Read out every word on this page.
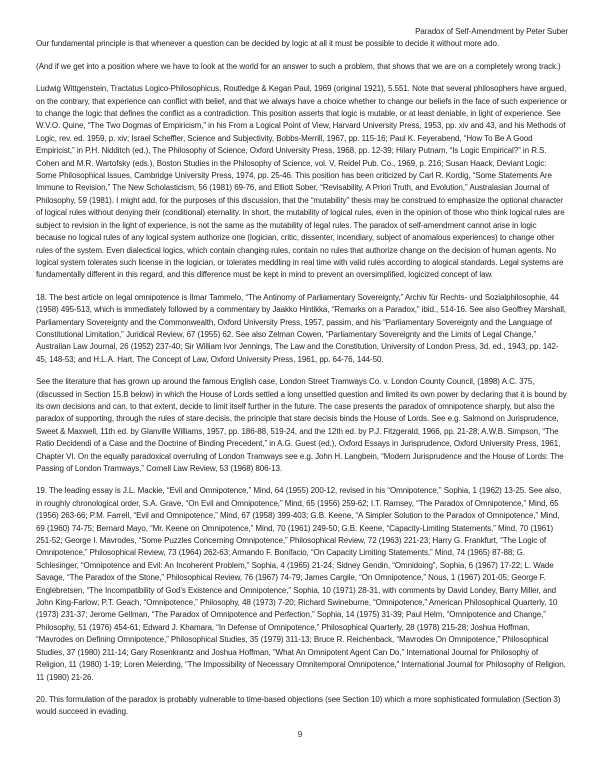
Paradox of Self-Amendment by Peter Suber

Our fundamental principle is that whenever a question can be decided by logic at all it must be possible to decide it without more ado.

(And if we get into a position where we have to look at the world for an answer to such a problem, that shows that we are on a completely wrong track.)

Ludwig Wittgenstein, Tractatus Logico-Philosophicus, Routledge & Kegan Paul, 1969 (original 1921), 5.551. Note that several philosophers have argued, on the contrary, that experience can conflict with belief, and that we always have a choice whether to change our beliefs in the face of such experience or to change the logic that defines the conflict as a contradiction. This position asserts that logic is mutable, or at least deniable, in light of experience. See W.V.O. Quine, “The Two Dogmas of Empiricism,” in his From a Logical Point of View, Harvard University Press, 1953, pp. xiv and 43, and his Methods of Logic, rev. ed. 1959, p. xiv; Israel Scheffler, Science and Subjectivity, Bobbs-Merrill, 1967, pp. 115-16; Paul K. Feyerabend, “How To Be A Good Empiricist,” in P.H. Nidditch (ed.), The Philosophy of Science, Oxford University Press, 1968, pp. 12-39; Hilary Putnam, “Is Logic Empirical?” in R.S. Cohen and M.R. Wartofsky (eds.), Boston Studies in the Philosophy of Science, vol. V, Reidel Pub. Co., 1969, p. 216; Susan Haack, Deviant Logic: Some Philosophical Issues, Cambridge University Press, 1974, pp. 25-46. This position has been criticized by Carl R. Kordig, “Some Statements Are Immune to Revision,” The New Scholasticism, 56 (1981) 69-76, and Elliott Sober, “Revisability, A Priori Truth, and Evolution,” Australasian Journal of Philosophy, 59 (1981). I might add, for the purposes of this discussion, that the “mutability” thesis may be construed to emphasize the optional character of logical rules without denying their (conditional) eternality. In short, the mutability of logical rules, even in the opinion of those who think logical rules are subject to revision in the light of experience, is not the same as the mutability of legal rules. The paradox of self-amendment cannot arise in logic because no logical rules of any logical system authorize one (logician, critic, dissenter, incendiary, subject of anomalous experiences) to change other rules of the system. Even dialectical logics, which contain changing rules, contain no rules that authorize change on the decision of human agents. No logical system tolerates such license in the logician, or tolerates meddling in real time with valid rules according to alogical standards. Legal systems are fundamentally different in this regard, and this difference must be kept in mind to prevent an oversimplified, logicized concept of law.

18. The best article on legal omnipotence is Ilmar Tammelo, “The Antinomy of Parliamentary Sovereignty,” Archiv für Rechts- und Sozialphilosophie, 44 (1958) 495-513, which is immediately followed by a commentary by Jaakko Hintikka, “Remarks on a Paradox,” ibid., 514-16. See also Geoffrey Marshall, Parliamentary Sovereignty and the Commonwealth, Oxford University Press, 1957, passim, and his “Parliamentary Sovereignty and the Language of Constitutional Limitation,” Juridical Review, 67 (1955) 62. See also Zelman Cowen, “Parliamentary Sovereignty and the Limits of Legal Change,” Australian Law Journal, 26 (1952) 237-40; Sir William Ivor Jennings, The Law and the Constitution, University of London Press, 3d. ed., 1943, pp. 142-45, 148-53; and H.L.A. Hart, The Concept of Law, Oxford University Press, 1961, pp. 64-76, 144-50.

See the literature that has grown up around the famous English case, London Street Tramways Co. v. London County Council, (1898) A.C. 375, (discussed in Section 15.B below) in which the House of Lords settled a long unsettled question and limited its own power by declaring that it is bound by its own decisions and can, to that extent, decide to limit itself further in the future. The case presents the paradox of omnipotence sharply, but also the paradox of supporting, through the rules of stare decisis, the principle that stare decisis binds the House of Lords. See e.g. Salmond on Jurisprudence, Sweet & Maxwell, 11th ed. by Glanville Williams, 1957, pp. 186-88, 519-24, and the 12th ed. by P.J. Fitzgerald, 1966, pp. 21-28; A.W.B. Simpson, “The Ratio Decidendi of a Case and the Doctrine of Binding Precedent,” in A.G. Guest (ed.), Oxford Essays in Jurisprudence, Oxford University Press, 1961, Chapter VI. On the equally paradoxical overruling of London Tramways see e.g. John H. Langbein, “Modern Jurisprudence and the House of Lords: The Passing of London Tramways,” Cornell Law Review, 53 (1968) 806-13.

19. The leading essay is J.L. Mackie, “Evil and Omnipotence,” Mind, 64 (1955) 200-12, revised in his “Omnipotence,” Sophia, 1 (1962) 13-25. See also, in roughly chronological order, S.A. Grave, “On Evil and Omnipotence,” Mind, 65 (1956) 259-62; I.T. Ramsey, “The Paradox of Omnipotence,” Mind, 65 (1956) 263-66; P.M. Farrell, “Evil and Omnipotence,” Mind, 67 (1958) 399-403; G.B. Keene, “A Simpler Solution to the Paradox of Omnipotence,” Mind, 69 (1960) 74-75; Bernard Mayo, “Mr. Keene on Omnipotence,” Mind, 70 (1961) 249-50; G.B. Keene, “Capacity-Limiting Statements,” Mind, 70 (1961) 251-52; George I. Mavrodes, “Some Puzzles Concerning Omnipotence,” Philosophical Review, 72 (1963) 221-23; Harry G. Frankfurt, “The Logic of Omnipotence,” Philosophical Review, 73 (1964) 262-63; Armando F. Bonifacio, “On Capacity Limiting Statements,” Mind, 74 (1965) 87-88; G. Schlesinger, “Omnipotence and Evil: An Incoherent Problem,” Sophia, 4 (1965) 21-24; Sidney Gendin, “Omnidoing”, Sophia, 6 (1967) 17-22; L. Wade Savage, “The Paradox of the Stone,” Philosophical Review, 76 (1967) 74-79; James Cargile, “On Omnipotence,” Nous, 1 (1967) 201-05; George F. Englebretsen, “The Incompatibility of God’s Existence and Omnipotence,” Sophia, 10 (1971) 28-31, with comments by David Londey, Barry Miller, and John King-Farlow; P.T. Geach, “Omnipotence,” Philosophy, 48 (1973) 7-20; Richard Swineburne, “Omnipotence,” American Philosophical Quarterly, 10 (1973) 231-37; Jerome Gellman, “The Paradox of Omnipotence and Perfection,” Sophia, 14 (1975) 31-39; Paul Helm, “Omnipotence and Change,” Philosophy, 51 (1976) 454-61; Edward J. Khamara, “In Defense of Omnipotence,” Philosophical Quarterly, 28 (1978) 215-28; Joshua Hoffman, “Mavrodes on Defining Omnipotence,” Philosophical Studies, 35 (1979) 311-13; Bruce R. Reichenback, “Mavrodes On Omnipotence,” Philosophical Studies, 37 (1980) 211-14; Gary Rosenkrantz and Joshua Hoffman, “What An Omnipotent Agent Can Do,” International Journal for Philosophy of Religion, 11 (1980) 1-19; Loren Meierding, “The Impossibility of Necessary Omnitemporal Omnipotence,” International Journal for Philosophy of Religion, 11 (1980) 21-26.

20. This formulation of the paradox is probably vulnerable to time-based objections (see Section 10) which a more sophisticated formulation (Section 3) would succeed in evading.

9
